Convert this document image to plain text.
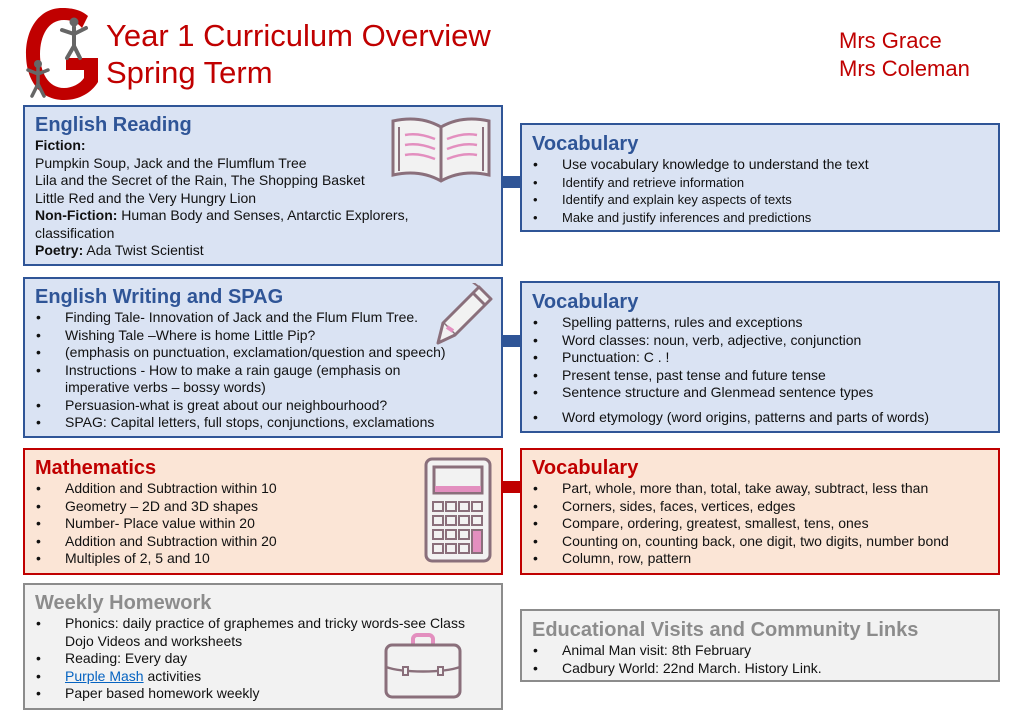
Year 1 Curriculum Overview
Spring Term
Mrs Grace
Mrs Coleman
English Reading
Fiction:
Pumpkin Soup, Jack and the Flumflum Tree
Lila and the Secret of the Rain, The Shopping Basket
Little Red and the Very Hungry Lion
Non-Fiction: Human Body and Senses, Antarctic Explorers, classification
Poetry: Ada Twist Scientist
Vocabulary
• Use vocabulary knowledge to understand the text
• Identify and retrieve information
• Identify and explain key aspects of texts
• Make and justify inferences and predictions
English Writing and SPAG
• Finding Tale- Innovation of Jack and the Flum Flum Tree.
• Wishing Tale –Where is home Little Pip?
• (emphasis on punctuation, exclamation/question and speech)
• Instructions - How to make a rain gauge (emphasis on imperative verbs – bossy words)
• Persuasion-what is great about our neighbourhood?
• SPAG: Capital letters, full stops, conjunctions, exclamations
Vocabulary
• Spelling patterns, rules and exceptions
• Word classes: noun, verb, adjective, conjunction
• Punctuation: C . !
• Present tense, past tense and future tense
• Sentence structure and Glenmead sentence types
• Word etymology (word origins, patterns and parts of words)
Mathematics
• Addition and Subtraction within 10
• Geometry – 2D and 3D shapes
• Number- Place value within 20
• Addition and Subtraction within 20
• Multiples of 2, 5 and 10
Vocabulary
• Part, whole, more than, total, take away, subtract, less than
• Corners, sides, faces, vertices, edges
• Compare, ordering, greatest, smallest, tens, ones
• Counting on, counting back, one digit, two digits, number bond
• Column, row, pattern
Weekly Homework
• Phonics: daily practice of graphemes and tricky words-see Class Dojo Videos and worksheets
• Reading: Every day
• Purple Mash activities
• Paper based homework weekly
Educational Visits and Community Links
• Animal Man visit: 8th February
• Cadbury World: 22nd March. History Link.
